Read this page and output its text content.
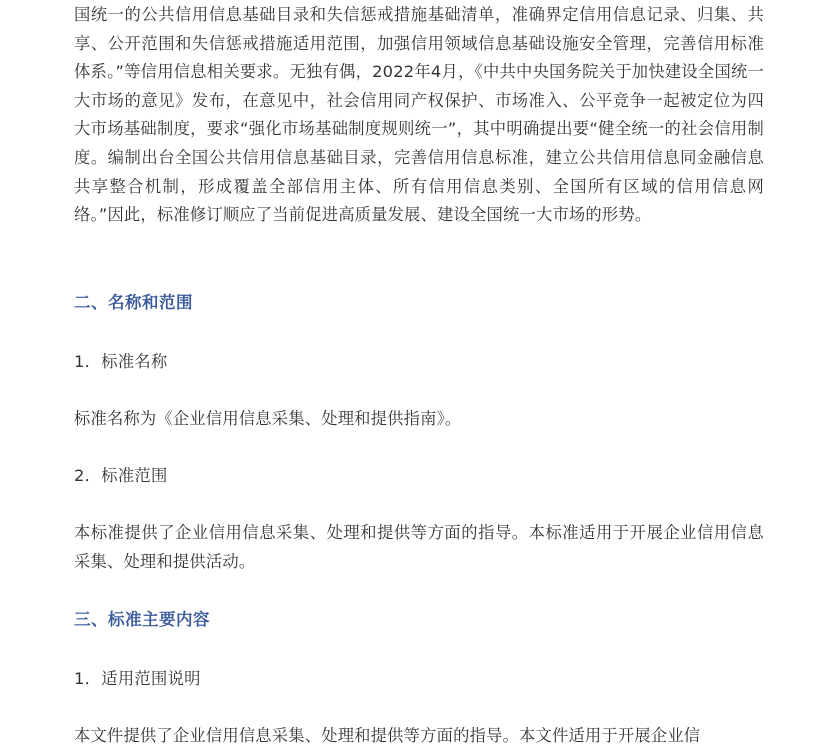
国统一的公共信用信息基础目录和失信惩戒措施基础清单，准确界定信用信息记录、归集、共享、公开范围和失信惩戒措施适用范围，加强信用领域信息基础设施安全管理，完善信用标准体系。”等信用信息相关要求。无独有偶，2022年4月，《中共中央国务院关于加快建设全国统一大市场的意见》发布，在意见中，社会信用同产权保护、市场准入、公平竞争一起被定位为四大市场基础制度，要求“强化市场基础制度规则统一”，其中明确提出要“健全统一的社会信用制度。编制出台全国公共信用信息基础目录，完善信用信息标准，建立公共信用信息同金融信息共享整合机制，形成覆盖全部信用主体、所有信用信息类别、全国所有区域的信用信息网络。”因此，标准修订顺应了当前促进高质量发展、建设全国统一大市场的形势。

二、名称和范围

1．标准名称

标准名称为《企业信用信息采集、处理和提供指南》。

2．标准范围

本标准提供了企业信用信息采集、处理和提供等方面的指导。本标准适用于开展企业信用信息采集、处理和提供活动。

三、标准主要内容

1．适用范围说明

本文件提供了企业信用信息采集、处理和提供等方面的指导。本文件适用于开展企业信
